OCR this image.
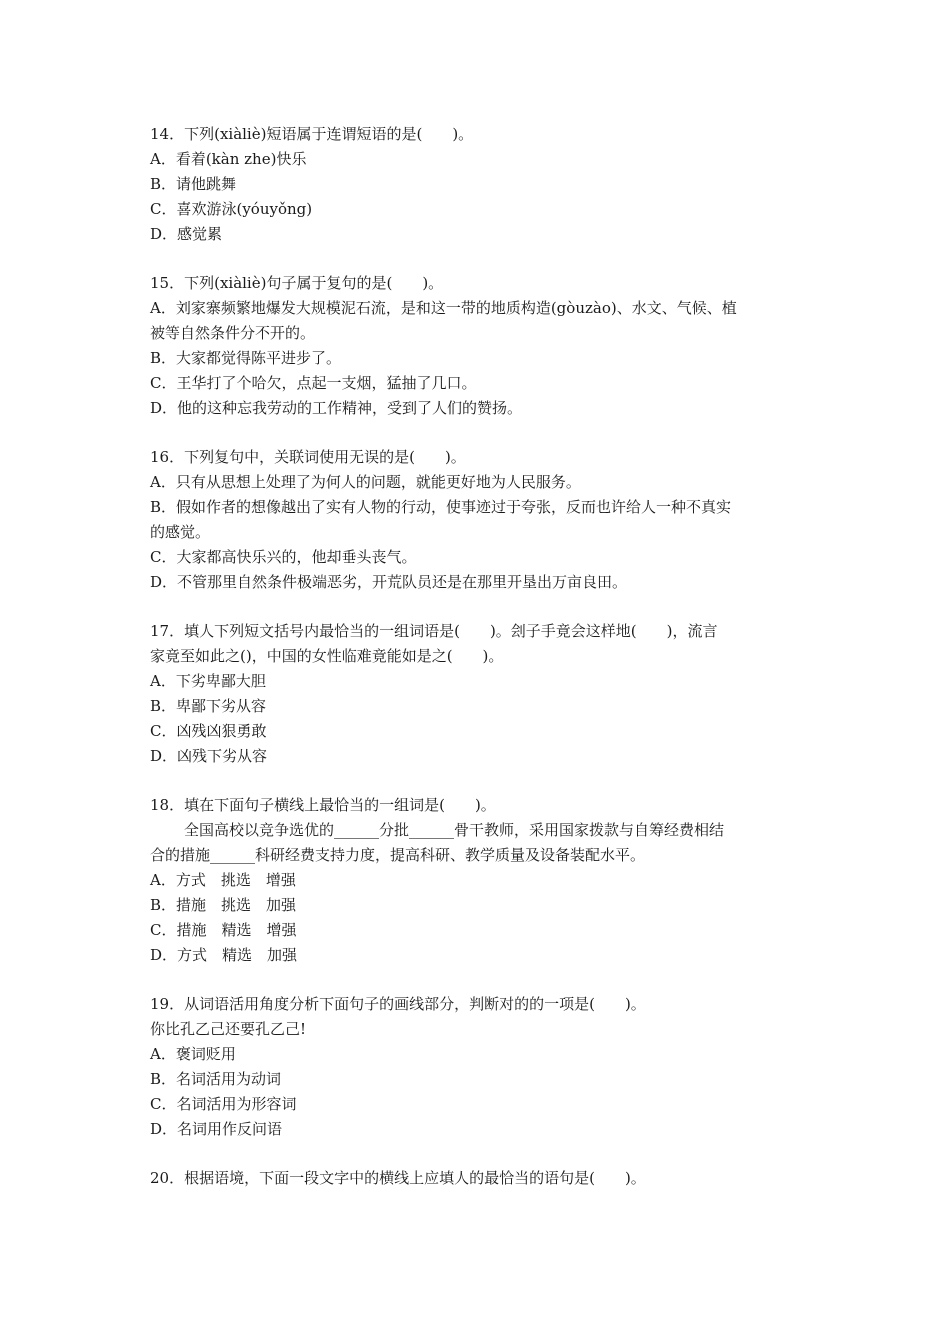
14．下列(xiàliè)短语属于连谓短语的是(　　)。
A．看着(kàn zhe)快乐
B．请他跳舞
C．喜欢游泳(yóuyǒng)
D．感觉累
15．下列(xiàliè)句子属于复句的是(　　)。
A．刘家寨频繁地爆发大规模泥石流，是和这一带的地质构造(gòuzào)、水文、气候、植
被等自然条件分不开的。
B．大家都觉得陈平进步了。
C．王华打了个哈欠，点起一支烟，猛抽了几口。
D．他的这种忘我劳动的工作精神，受到了人们的赞扬。
16．下列复句中，关联词使用无误的是(　　)。
A．只有从思想上处理了为何人的问题，就能更好地为人民服务。
B．假如作者的想像越出了实有人物的行动，使事迹过于夸张，反而也许给人一种不真实
的感觉。
C．大家都高快乐兴的，他却垂头丧气。
D．不管那里自然条件极端恶劣，开荒队员还是在那里开垦出万亩良田。
17．填人下列短文括号内最恰当的一组词语是(　　)。刽子手竟会这样地(　　)，流言
家竟至如此之()，中国的女性临难竟能如是之(　　)。
A．下劣卑鄙大胆
B．卑鄙下劣从容
C．凶残凶狠勇敢
D．凶残下劣从容
18．填在下面句子横线上最恰当的一组词是(　　)。
全国高校以竞争选优的______分批______骨干教师，采用国家拨款与自筹经费相结
合的措施______科研经费支持力度，提高科研、教学质量及设备装配水平。
A．方式　挑选　增强
B．措施　挑选　加强
C．措施　精选　增强
D．方式　精选　加强
19．从词语活用角度分析下面句子的画线部分，判断对的的一项是(　　)。
你比孔乙己还要孔乙己!
A．褒词贬用
B．名词活用为动词
C．名词活用为形容词
D．名词用作反问语
20．根据语境，下面一段文字中的横线上应填人的最恰当的语句是(　　)。
